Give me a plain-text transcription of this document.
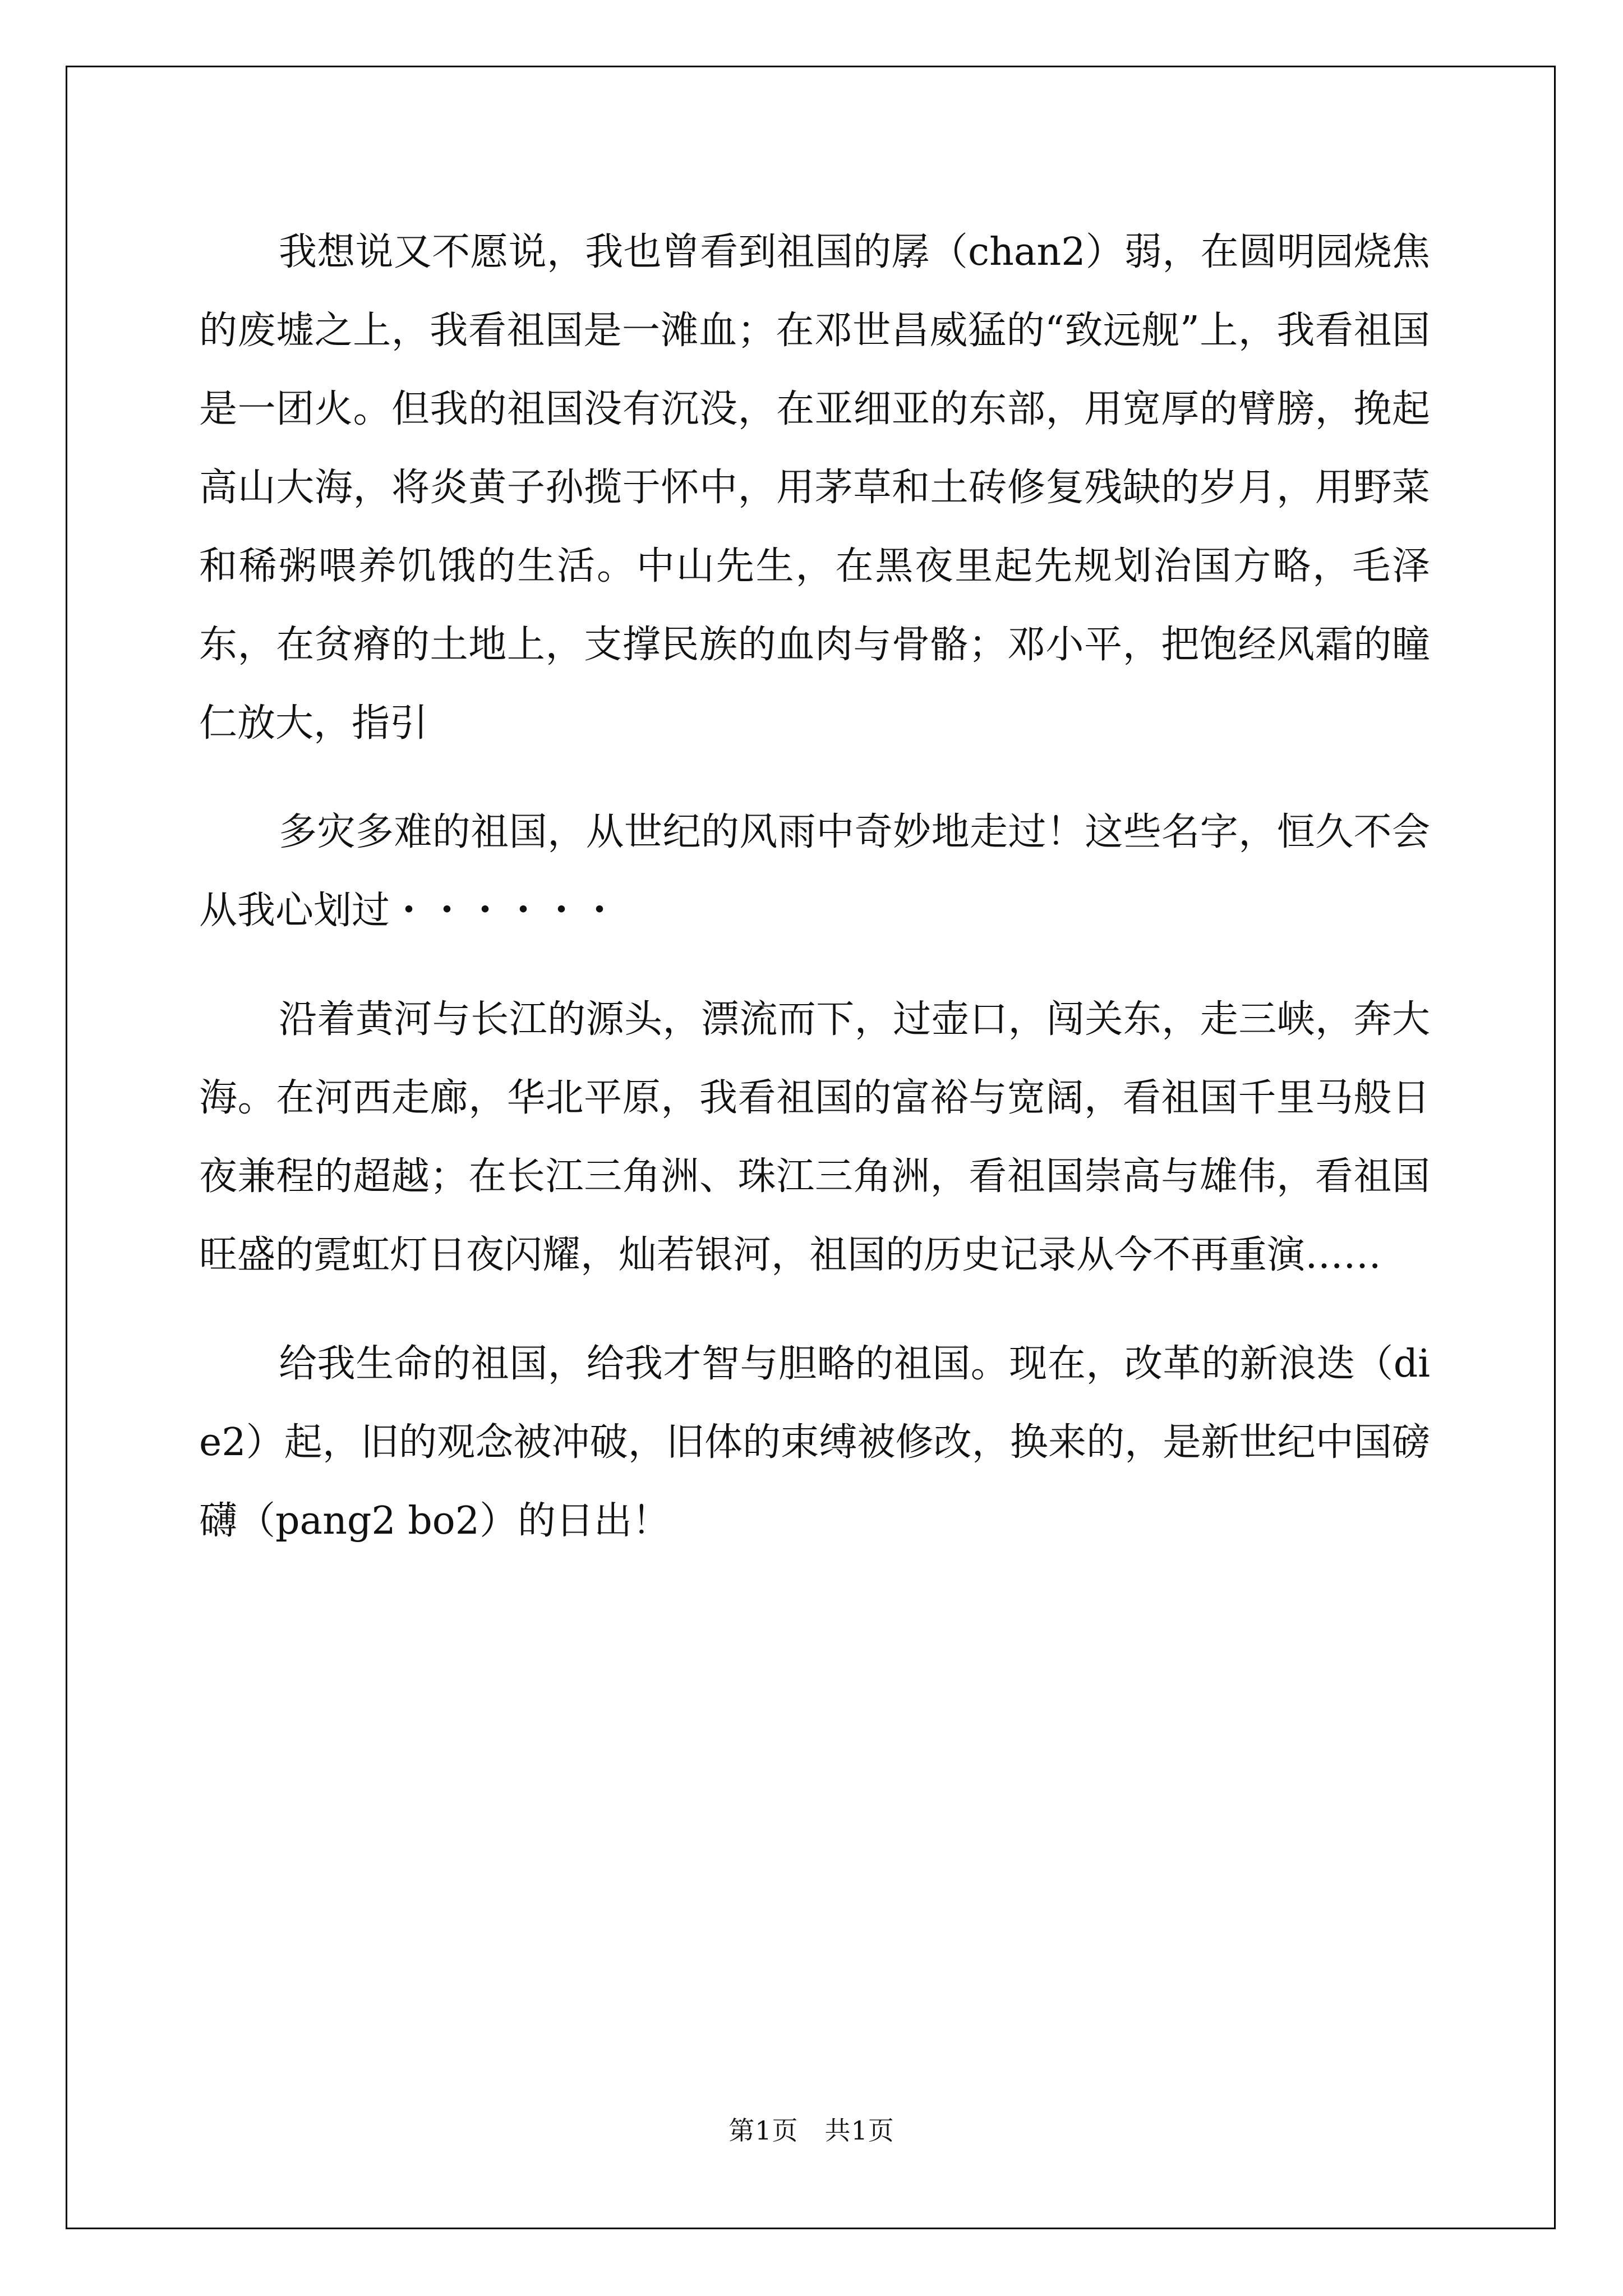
我想说又不愿说，我也曾看到祖国的孱（chan2）弱，在圆明园烧焦的废墟之上，我看祖国是一滩血；在邓世昌威猛的“致远舰”上，我看祖国是一团火。但我的祖国没有沉没，在亚细亚的东部，用宽厚的臂膀，挽起高山大海，将炎黄子孙揽于怀中，用茅草和土砖修复残缺的岁月，用野菜和稀粥喂养饥饿的生活。中山先生，在黑夜里起先规划治国方略，毛泽东，在贫瘠的土地上，支撑民族的血肉与骨骼；邓小平，把饱经风霜的瞳仁放大，指引

多灾多难的祖国，从世纪的风雨中奇妙地走过！这些名字，恒久不会从我心划过・・・・・・

沿着黄河与长江的源头，漂流而下，过壶口，闯关东，走三峡，奔大海。在河西走廊，华北平原，我看祖国的富裕与宽阔，看祖国千里马般日夜兼程的超越；在长江三角洲、珠江三角洲，看祖国崇高与雄伟，看祖国旺盛的霓虹灯日夜闪耀，灿若银河，祖国的历史记录从今不再重演……

给我生命的祖国，给我才智与胆略的祖国。现在，改革的新浪迭（die2）起，旧的观念被冲破，旧体的束缚被修改，换来的，是新世纪中国磅礴（pang2 bo2）的日出！

第1页　共1页
